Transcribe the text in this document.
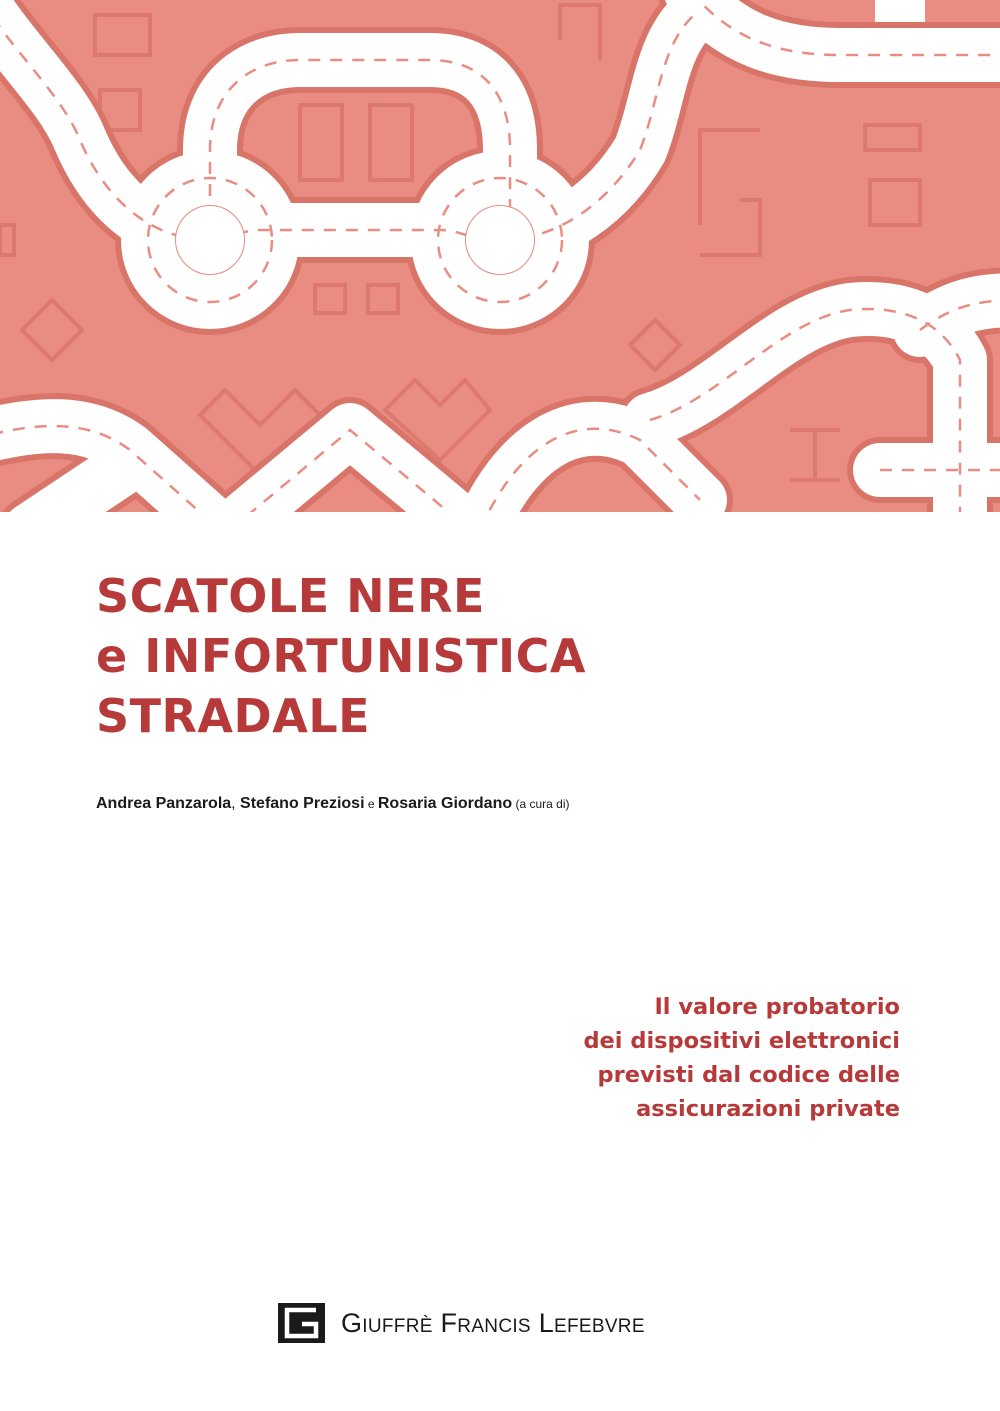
SCATOLE NERE
e INFORTUNISTICA
STRADALE
Andrea Panzarola, Stefano Preziosi e Rosaria Giordano (a cura di)
Il valore probatorio
dei dispositivi elettronici
previsti dal codice delle
assicurazioni private
Giuffrè Francis Lefebvre
